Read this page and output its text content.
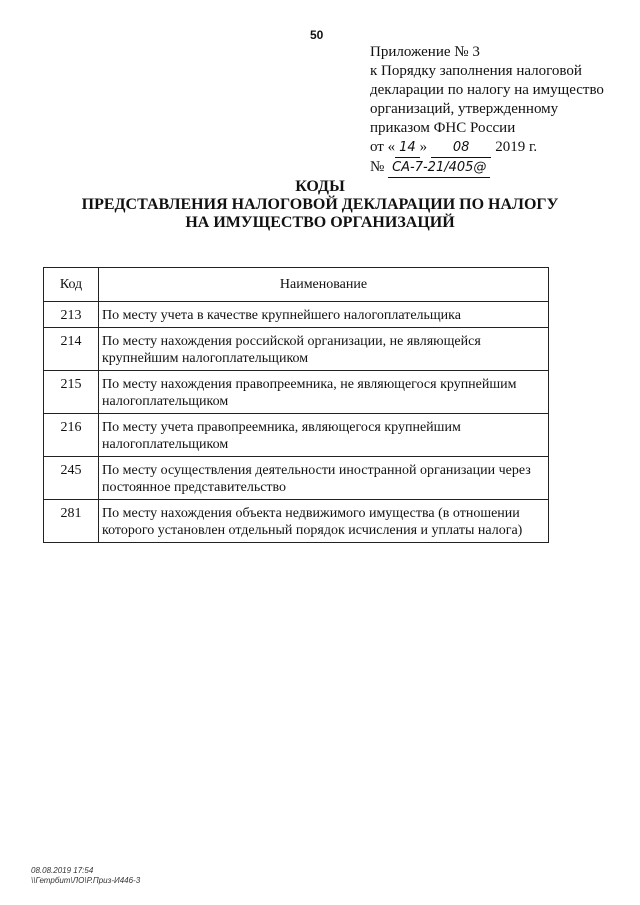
50
Приложение № 3
к Порядку заполнения налоговой
декларации по налогу на имущество
организаций, утвержденному
приказом ФНС России
от « 14 » 08 2019 г.
№ СА-7-21/405@
КОДЫ
ПРЕДСТАВЛЕНИЯ НАЛОГОВОЙ ДЕКЛАРАЦИИ ПО НАЛОГУ
НА ИМУЩЕСТВО ОРГАНИЗАЦИЙ
Код	Наименование
213	По месту учета в качестве крупнейшего налогоплательщика
214	По месту нахождения российской организации, не являющейся крупнейшим налогоплательщиком
215	По месту нахождения правопреемника, не являющегося крупнейшим налогоплательщиком
216	По месту учета правопреемника, являющегося крупнейшим налогоплательщиком
245	По месту осуществления деятельности иностранной организации через постоянное представительство
281	По месту нахождения объекта недвижимого имущества (в отношении которого установлен отдельный порядок исчисления и уплаты налога)
08.08.2019 17:54
\\Гетрбит\ЛО\Р.Приз-И446-3
